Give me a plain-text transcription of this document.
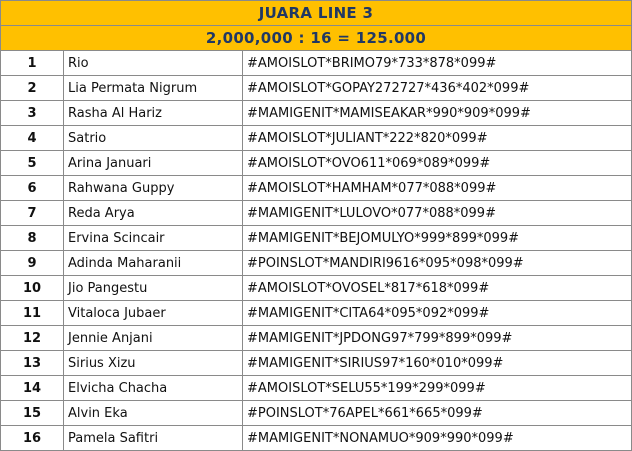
JUARA LINE 3		
2,000,000 : 16 = 125.000		
1	Rio	#AMOISLOT*BRIMO79*733*878*099#
2	Lia Permata Nigrum	#AMOISLOT*GOPAY272727*436*402*099#
3	Rasha Al Hariz	#MAMIGENIT*MAMISEAKAR*990*909*099#
4	Satrio	#AMOISLOT*JULIANT*222*820*099#
5	Arina Januari	#AMOISLOT*OVO611*069*089*099#
6	Rahwana Guppy	#AMOISLOT*HAMHAM*077*088*099#
7	Reda Arya	#MAMIGENIT*LULOVO*077*088*099#
8	Ervina Scincair	#MAMIGENIT*BEJOMULYO*999*899*099#
9	Adinda Maharanii	#POINSLOT*MANDIRI9616*095*098*099#
10	Jio Pangestu	#AMOISLOT*OVOSEL*817*618*099#
11	Vitaloca Jubaer	#MAMIGENIT*CITA64*095*092*099#
12	Jennie Anjani	#MAMIGENIT*JPDONG97*799*899*099#
13	Sirius Xizu	#MAMIGENIT*SIRIUS97*160*010*099#
14	Elvicha Chacha	#AMOISLOT*SELU55*199*299*099#
15	Alvin Eka	#POINSLOT*76APEL*661*665*099#
16	Pamela Safitri	#MAMIGENIT*NONAMUO*909*990*099#
